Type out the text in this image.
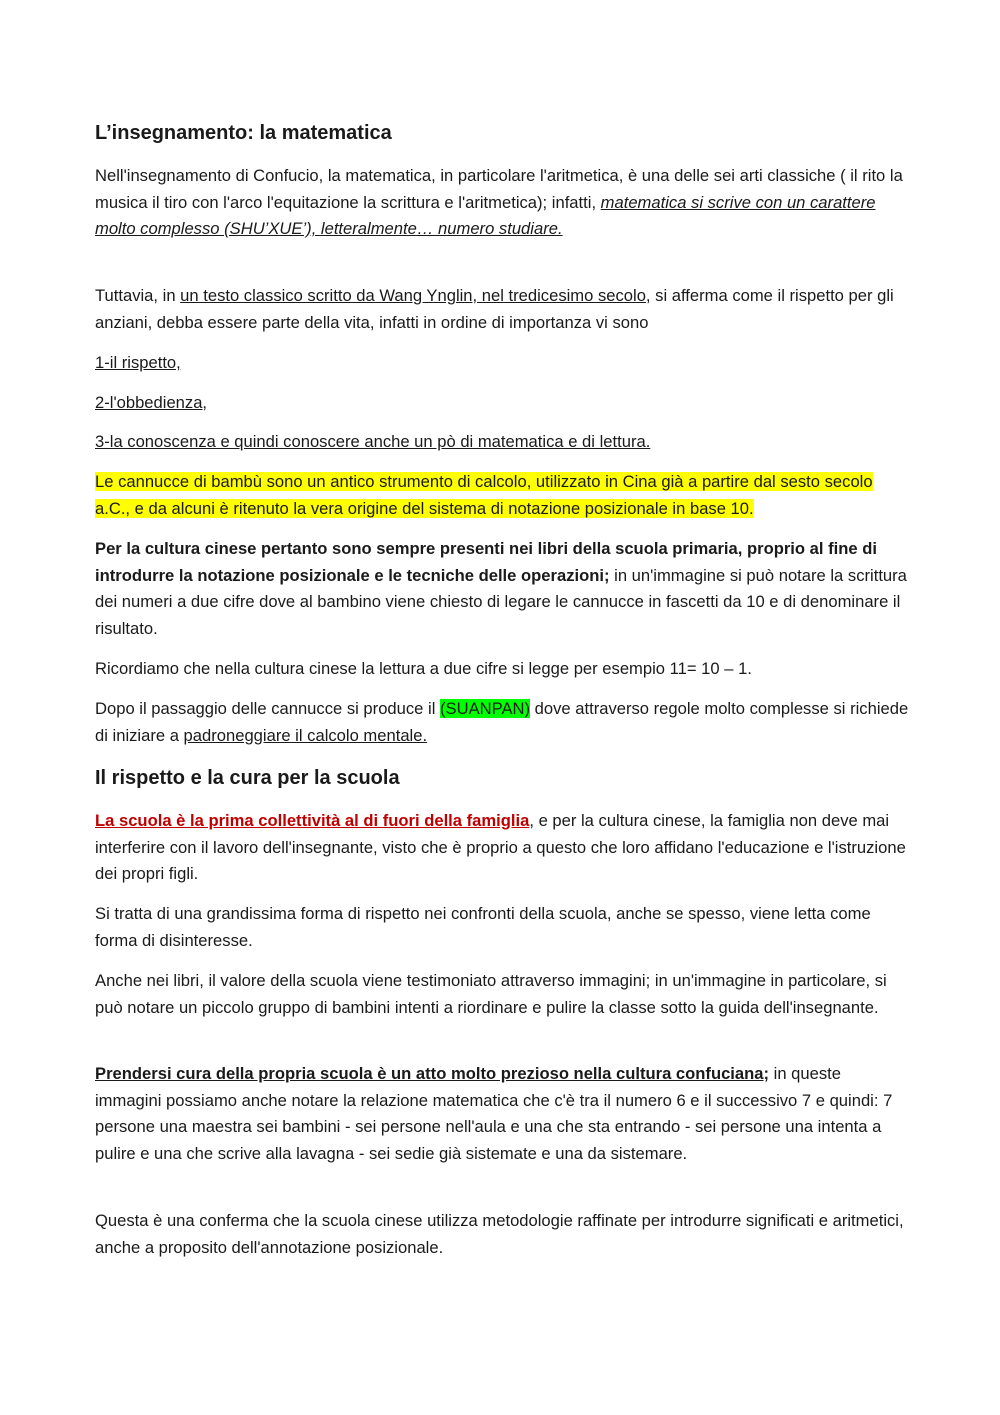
L’insegnamento: la matematica

Nell'insegnamento di Confucio, la matematica, in particolare l'aritmetica, è una delle sei arti classiche ( il rito la musica il tiro con l'arco l'equitazione la scrittura e l'aritmetica); infatti, matematica si scrive con un carattere molto complesso (SHU’XUE’), letteralmente… numero studiare.

Tuttavia, in un testo classico scritto da Wang Ynglin, nel tredicesimo secolo, si afferma come il rispetto per gli anziani, debba essere parte della vita, infatti in ordine di importanza vi sono

1-il rispetto,

2-l'obbedienza,

3-la conoscenza e quindi conoscere anche un pò di matematica e di lettura.

Le cannucce di bambù sono un antico strumento di calcolo, utilizzato in Cina già a partire dal sesto secolo a.C., e da alcuni è ritenuto la vera origine del sistema di notazione posizionale in base 10.

Per la cultura cinese pertanto sono sempre presenti nei libri della scuola primaria, proprio al fine di introdurre la notazione posizionale e le tecniche delle operazioni; in un'immagine si può notare la scrittura dei numeri a due cifre dove al bambino viene chiesto di legare le cannucce in fascetti da 10 e di denominare il risultato.

Ricordiamo che nella cultura cinese la lettura a due cifre si legge per esempio 11= 10 – 1.

Dopo il passaggio delle cannucce si produce il (SUANPAN) dove attraverso regole molto complesse si richiede di iniziare a padroneggiare il calcolo mentale.

Il rispetto e la cura per la scuola

La scuola è la prima collettività al di fuori della famiglia, e per la cultura cinese, la famiglia non deve mai interferire con il lavoro dell'insegnante, visto che è proprio a questo che loro affidano l'educazione e l'istruzione dei propri figli.

Si tratta di una grandissima forma di rispetto nei confronti della scuola, anche se spesso, viene letta come forma di disinteresse.

Anche nei libri, il valore della scuola viene testimoniato attraverso immagini; in un'immagine in particolare, si può notare un piccolo gruppo di bambini intenti a riordinare e pulire la classe sotto la guida dell'insegnante.

Prendersi cura della propria scuola è un atto molto prezioso nella cultura confuciana; in queste immagini possiamo anche notare la relazione matematica che c'è tra il numero 6 e il successivo 7 e quindi: 7 persone una maestra sei bambini - sei persone nell'aula e una che sta entrando - sei persone una intenta a pulire e una che scrive alla lavagna - sei sedie già sistemate e una da sistemare.

Questa è una conferma che la scuola cinese utilizza metodologie raffinate per introdurre significati e aritmetici, anche a proposito dell'annotazione posizionale.
